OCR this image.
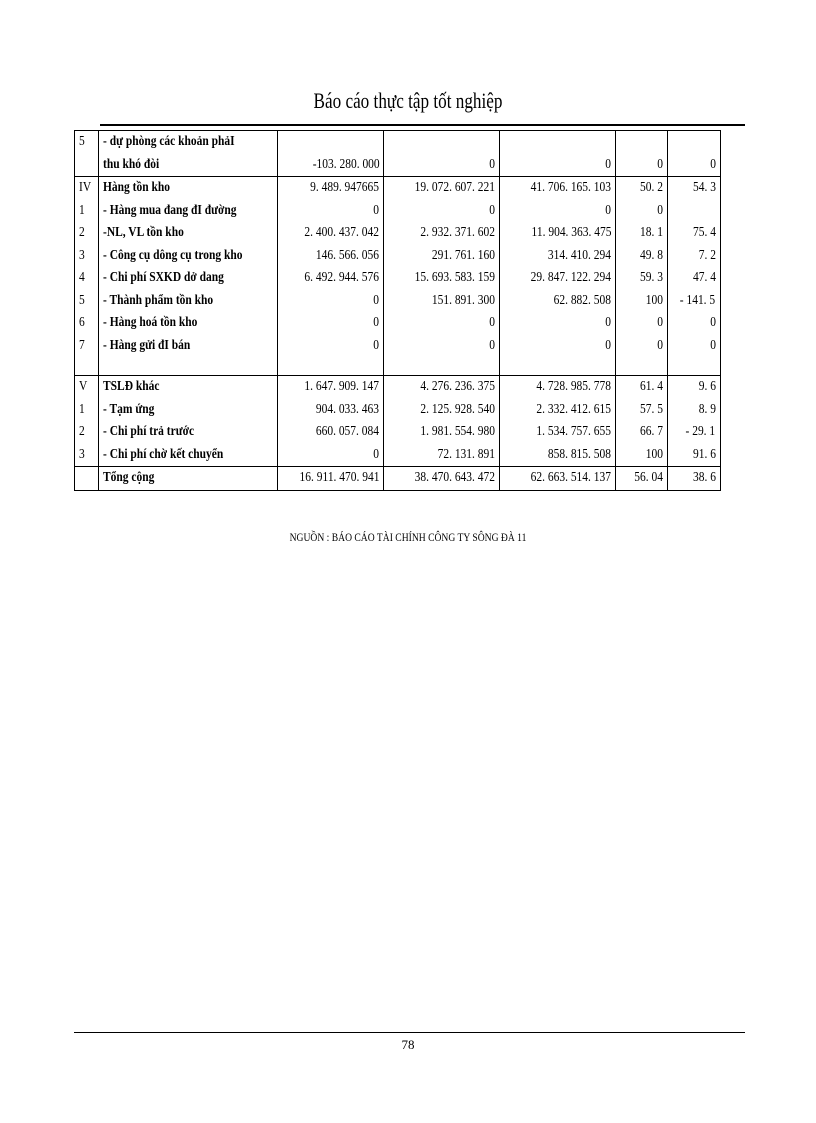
Báo cáo thực tập tốt nghiệp
5	- dự phòng các khoản phảI					
	thu khó đòi	-103. 280. 000	0	0	0	0
IV	Hàng tồn kho	9. 489. 947665	19. 072. 607. 221	41. 706. 165. 103	50. 2	54. 3
1	- Hàng mua đang đI đường	0	0	0	0	
2	-NL, VL tồn kho	2. 400. 437. 042	2. 932. 371. 602	11. 904. 363. 475	18. 1	75. 4
3	- Công cụ dông cụ trong kho	146. 566. 056	291. 761. 160	314. 410. 294	49. 8	7. 2
4	- Chi phí SXKD dở dang	6. 492. 944. 576	15. 693. 583. 159	29. 847. 122. 294	59. 3	47. 4
5	- Thành phẩm tồn kho	0	151. 891. 300	62. 882. 508	100	- 141. 5
6	- Hàng hoá tồn kho	0	0	0	0	0
7	- Hàng gửi đI bán	0	0	0	0	0

V	TSLĐ khác	1. 647. 909. 147	4. 276. 236. 375	4. 728. 985. 778	61. 4	9. 6
1	- Tạm ứng	904. 033. 463	2. 125. 928. 540	2. 332. 412. 615	57. 5	8. 9
2	- Chi phí trả trước	660. 057. 084	1. 981. 554. 980	1. 534. 757. 655	66. 7	- 29. 1
3	- Chi phí chờ kết chuyển	0	72. 131. 891	858. 815. 508	100	91. 6
	Tổng cộng	16. 911. 470. 941	38. 470. 643. 472	62. 663. 514. 137	56. 04	38. 6
NGUỒN : BÁO CÁO TÀI CHÍNH CÔNG TY SÔNG ĐÀ 11
78
